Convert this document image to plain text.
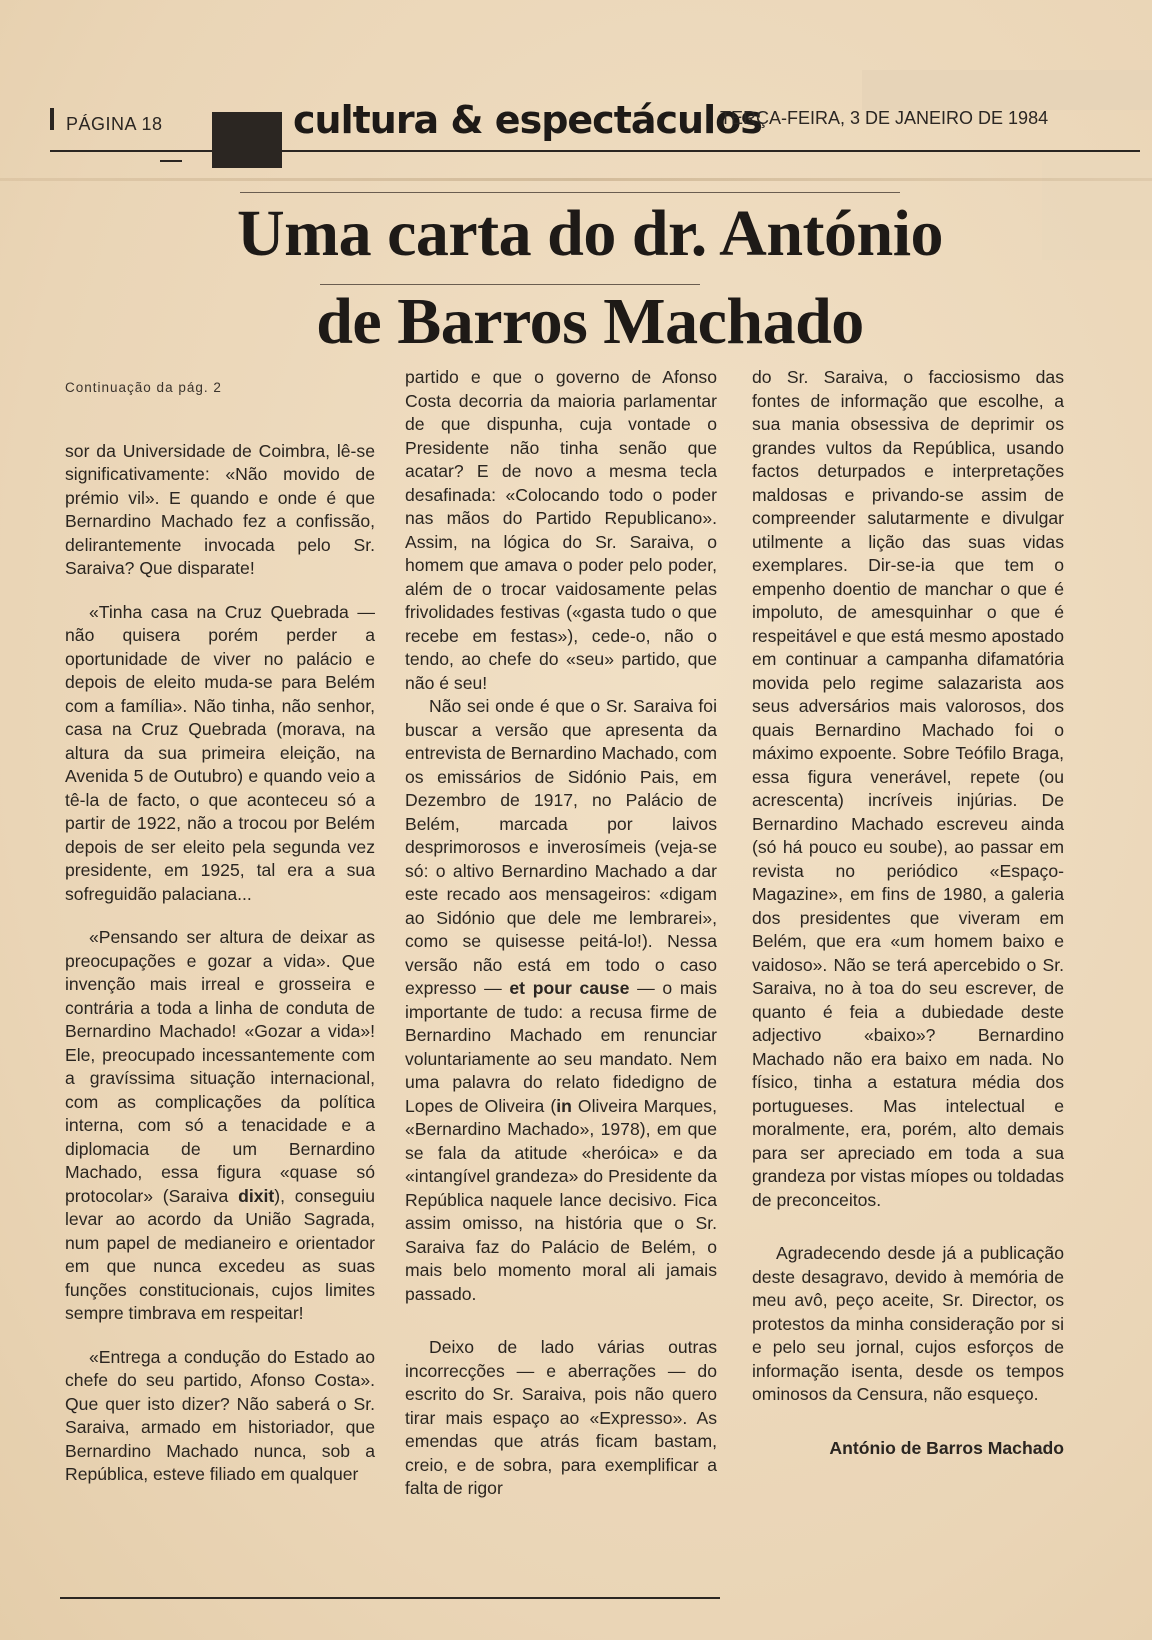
PÁGINA 18	cultura & espectáculos
TERÇA-FEIRA, 3 DE JANEIRO DE 1984
Uma carta do dr. António
de Barros Machado

Continuação da pág. 2

sor da Universidade de Coimbra, lê-se significativamente: «Não movido de prémio vil». E quando e onde é que Bernardino Machado fez a confissão, delirantemente invocada pelo Sr. Saraiva? Que disparate!

«Tinha casa na Cruz Quebrada — não quisera porém perder a oportunidade de viver no palácio e depois de eleito muda-se para Belém com a família». Não tinha, não senhor, casa na Cruz Quebrada (morava, na altura da sua primeira eleição, na Avenida 5 de Outubro) e quando veio a tê-la de facto, o que aconteceu só a partir de 1922, não a trocou por Belém depois de ser eleito pela segunda vez presidente, em 1925, tal era a sua sofreguidão palaciana...

«Pensando ser altura de deixar as preocupações e gozar a vida». Que invenção mais irreal e grosseira e contrária a toda a linha de conduta de Bernardino Machado! «Gozar a vida»! Ele, preocupado incessantemente com a gravíssima situação internacional, com as complicações da política interna, com só a tenacidade e a diplomacia de um Bernardino Machado, essa figura «quase só protocolar» (Saraiva dixit), conseguiu levar ao acordo da União Sagrada, num papel de medianeiro e orientador em que nunca excedeu as suas funções constitucionais, cujos limites sempre timbrava em respeitar!

«Entrega a condução do Estado ao chefe do seu partido, Afonso Costa». Que quer isto dizer? Não saberá o Sr. Saraiva, armado em historiador, que Bernardino Machado nunca, sob a República, esteve filiado em qualquer

partido e que o governo de Afonso Costa decorria da maioria parlamentar de que dispunha, cuja vontade o Presidente não tinha senão que acatar? E de novo a mesma tecla desafinada: «Colocando todo o poder nas mãos do Partido Republicano». Assim, na lógica do Sr. Saraiva, o homem que amava o poder pelo poder, além de o trocar vaidosamente pelas frivolidades festivas («gasta tudo o que recebe em festas»), cede-o, não o tendo, ao chefe do «seu» partido, que não é seu!

Não sei onde é que o Sr. Saraiva foi buscar a versão que apresenta da entrevista de Bernardino Machado, com os emissários de Sidónio Pais, em Dezembro de 1917, no Palácio de Belém, marcada por laivos desprimorosos e inverosímeis (veja-se só: o altivo Bernardino Machado a dar este recado aos mensageiros: «digam ao Sidónio que dele me lembrarei», como se quisesse peitá-lo!). Nessa versão não está em todo o caso expresso — et pour cause — o mais importante de tudo: a recusa firme de Bernardino Machado em renunciar voluntariamente ao seu mandato. Nem uma palavra do relato fidedigno de Lopes de Oliveira (in Oliveira Marques, «Bernardino Machado», 1978), em que se fala da atitude «heróica» e da «intangível grandeza» do Presidente da República naquele lance decisivo. Fica assim omisso, na história que o Sr. Saraiva faz do Palácio de Belém, o mais belo momento moral ali jamais passado.

Deixo de lado várias outras incorrecções — e aberrações — do escrito do Sr. Saraiva, pois não quero tirar mais espaço ao «Expresso». As emendas que atrás ficam bastam, creio, e de sobra, para exemplificar a falta de rigor

do Sr. Saraiva, o facciosismo das fontes de informação que escolhe, a sua mania obsessiva de deprimir os grandes vultos da República, usando factos deturpados e interpretações maldosas e privando-se assim de compreender salutarmente e divulgar utilmente a lição das suas vidas exemplares. Dir-se-ia que tem o empenho doentio de manchar o que é impoluto, de amesquinhar o que é respeitável e que está mesmo apostado em continuar a campanha difamatória movida pelo regime salazarista aos seus adversários mais valorosos, dos quais Bernardino Machado foi o máximo expoente. Sobre Teófilo Braga, essa figura venerável, repete (ou acrescenta) incríveis injúrias. De Bernardino Machado escreveu ainda (só há pouco eu soube), ao passar em revista no periódico «Espaço-Magazine», em fins de 1980, a galeria dos presidentes que viveram em Belém, que era «um homem baixo e vaidoso». Não se terá apercebido o Sr. Saraiva, no à toa do seu escrever, de quanto é feia a dubiedade deste adjectivo «baixo»? Bernardino Machado não era baixo em nada. No físico, tinha a estatura média dos portugueses. Mas intelectual e moralmente, era, porém, alto demais para ser apreciado em toda a sua grandeza por vistas míopes ou toldadas de preconceitos.

Agradecendo desde já a publicação deste desagravo, devido à memória de meu avô, peço aceite, Sr. Director, os protestos da minha consideração por si e pelo seu jornal, cujos esforços de informação isenta, desde os tempos ominosos da Censura, não esqueço.

António de Barros Machado
